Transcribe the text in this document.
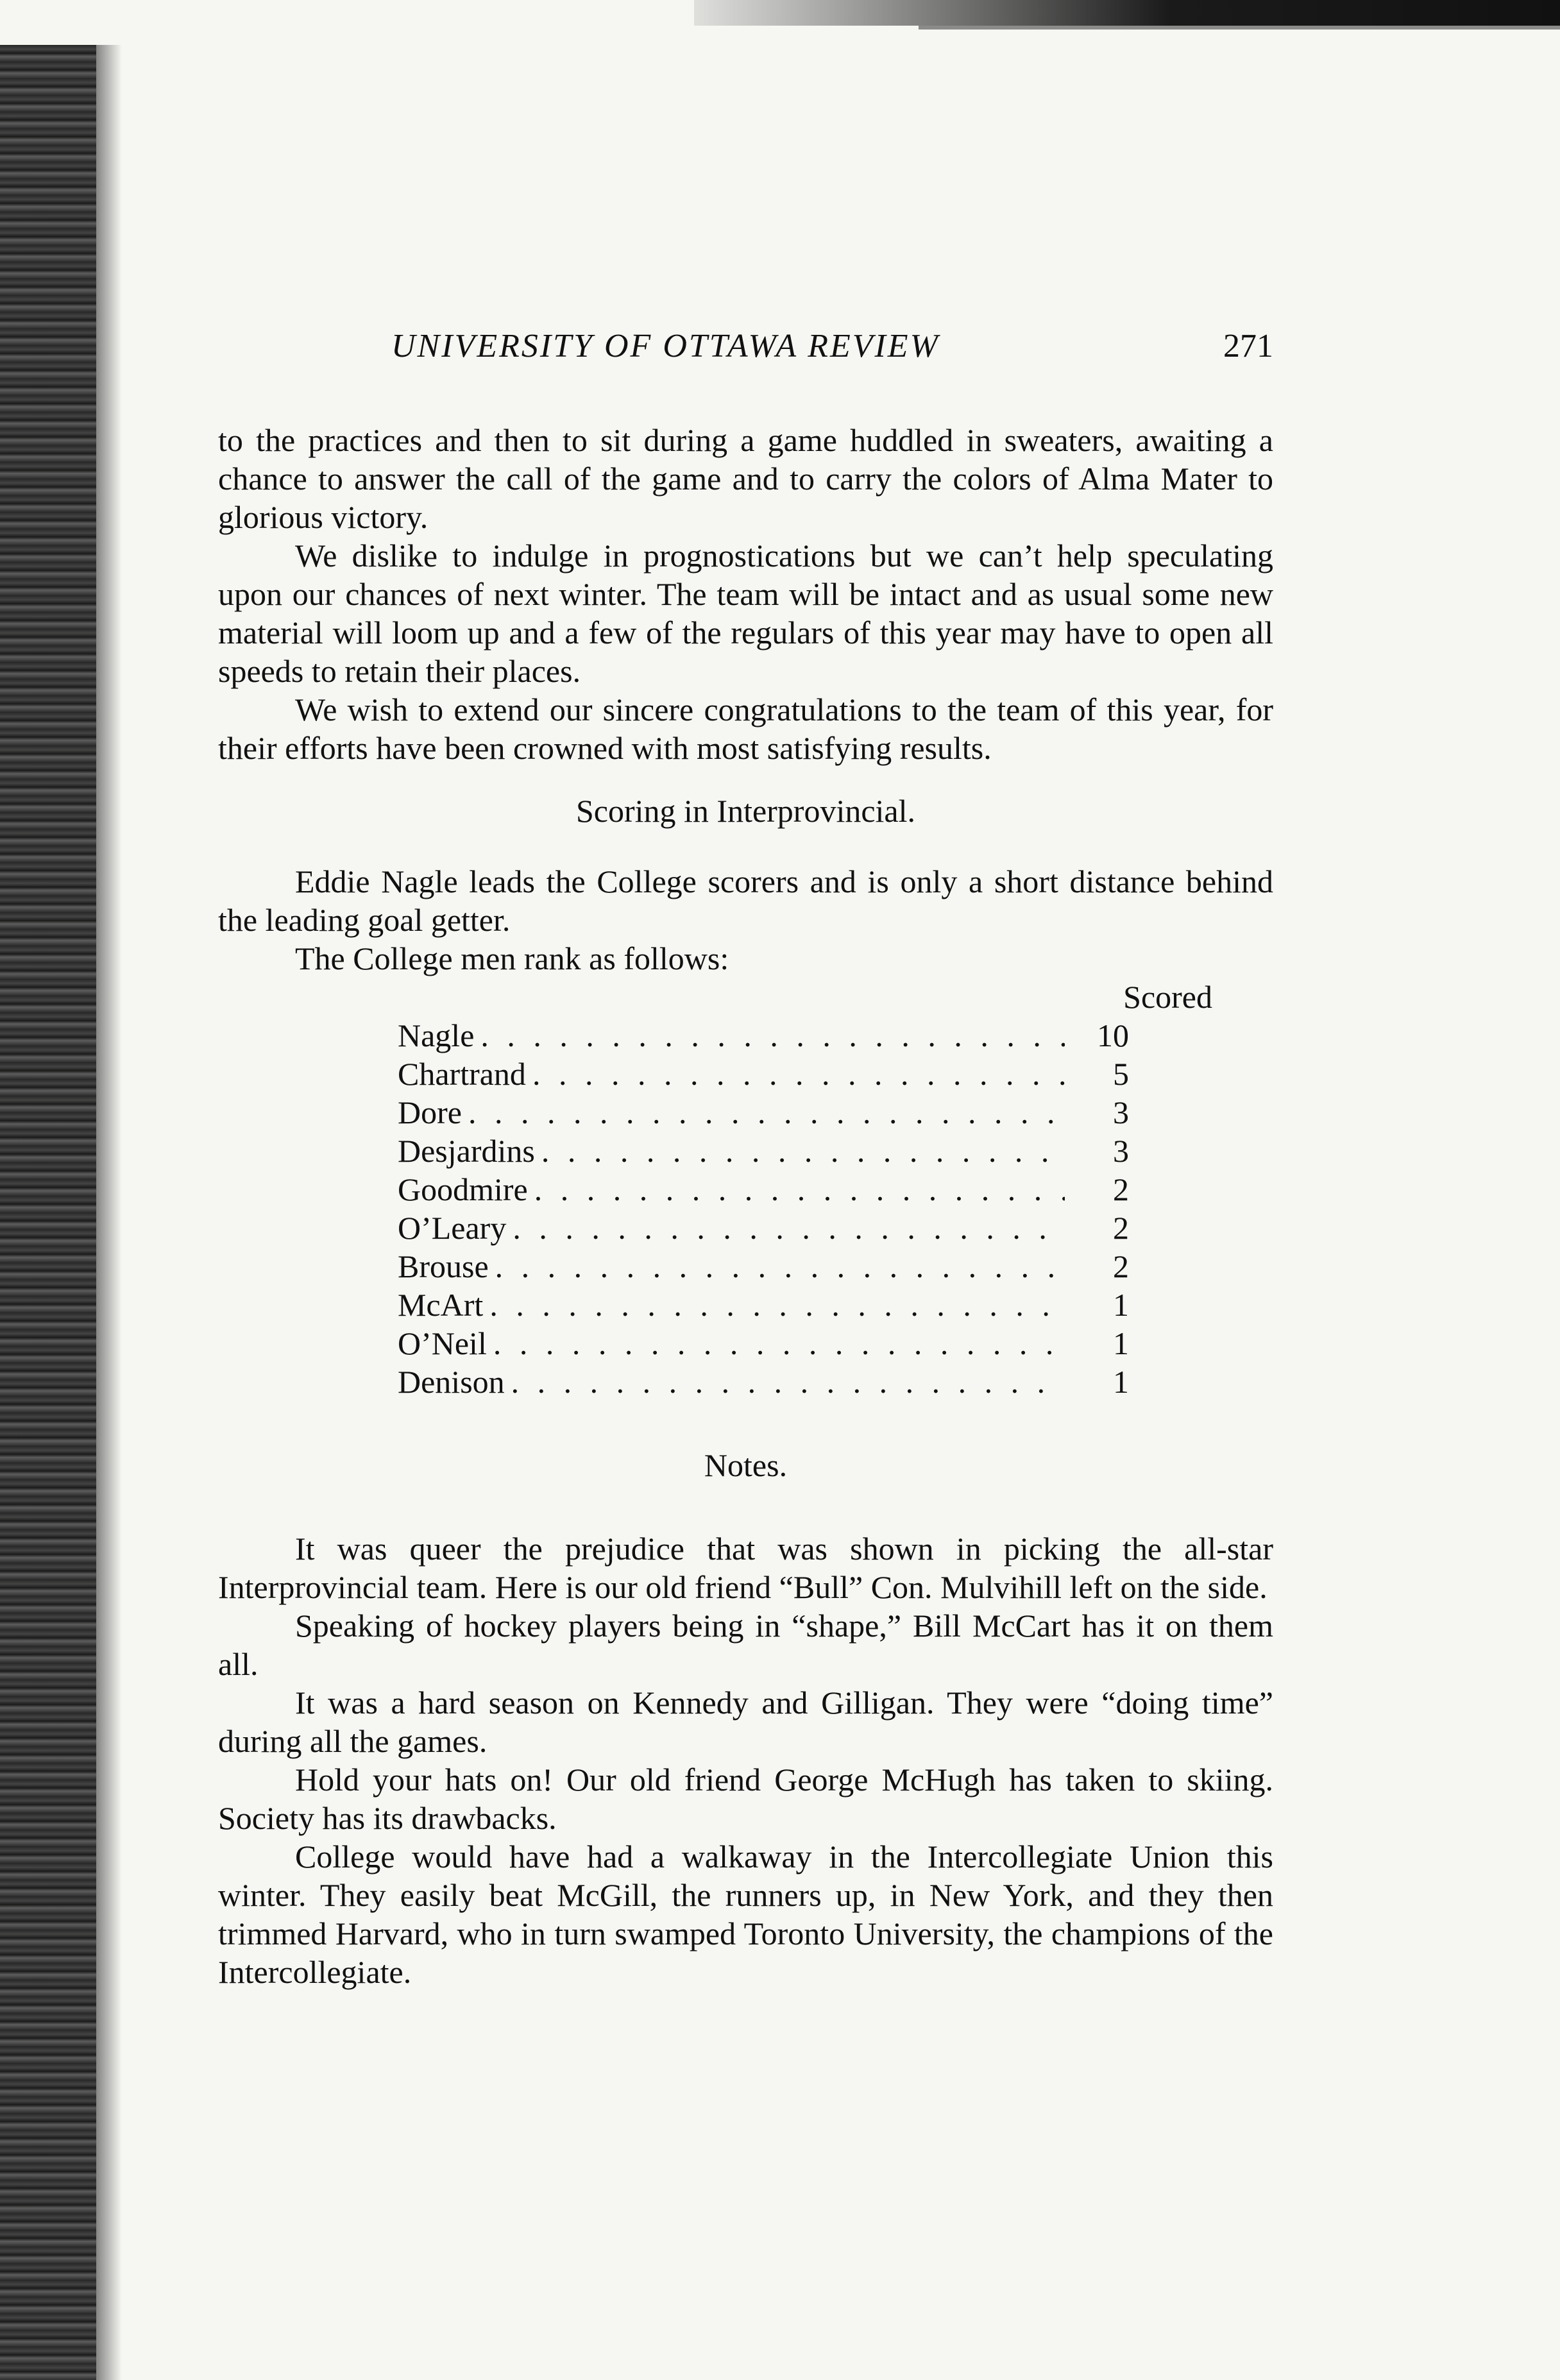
UNIVERSITY OF OTTAWA REVIEW	271

to the practices and then to sit during a game huddled in sweaters, awaiting a chance to answer the call of the game and to carry the colors of Alma Mater to glorious victory.

We dislike to indulge in prognostications but we can’t help speculating upon our chances of next winter. The team will be intact and as usual some new material will loom up and a few of the regulars of this year may have to open all speeds to retain their places.

We wish to extend our sincere congratulations to the team of this year, for their efforts have been crowned with most satisfying results.

Scoring in Interprovincial.

Eddie Nagle leads the College scorers and is only a short distance behind the leading goal getter.

The College men rank as follows:

Scored
Nagle . . .	10
Chartrand . . .	5
Dore . . .	3
Desjardins . . .	3
Goodmire . . .	2
O’Leary . . .	2
Brouse . . .	2
McArt . . .	1
O’Neil . . .	1
Denison . . .	1
Notes.

It was queer the prejudice that was shown in picking the all-star Interprovincial team. Here is our old friend “Bull” Con. Mulvihill left on the side.

Speaking of hockey players being in “shape,” Bill McCart has it on them all.

It was a hard season on Kennedy and Gilligan. They were “doing time” during all the games.

Hold your hats on! Our old friend George McHugh has taken to skiing. Society has its drawbacks.

College would have had a walkaway in the Intercollegiate Union this winter. They easily beat McGill, the runners up, in New York, and they then trimmed Harvard, who in turn swamped Toronto University, the champions of the Intercollegiate.
